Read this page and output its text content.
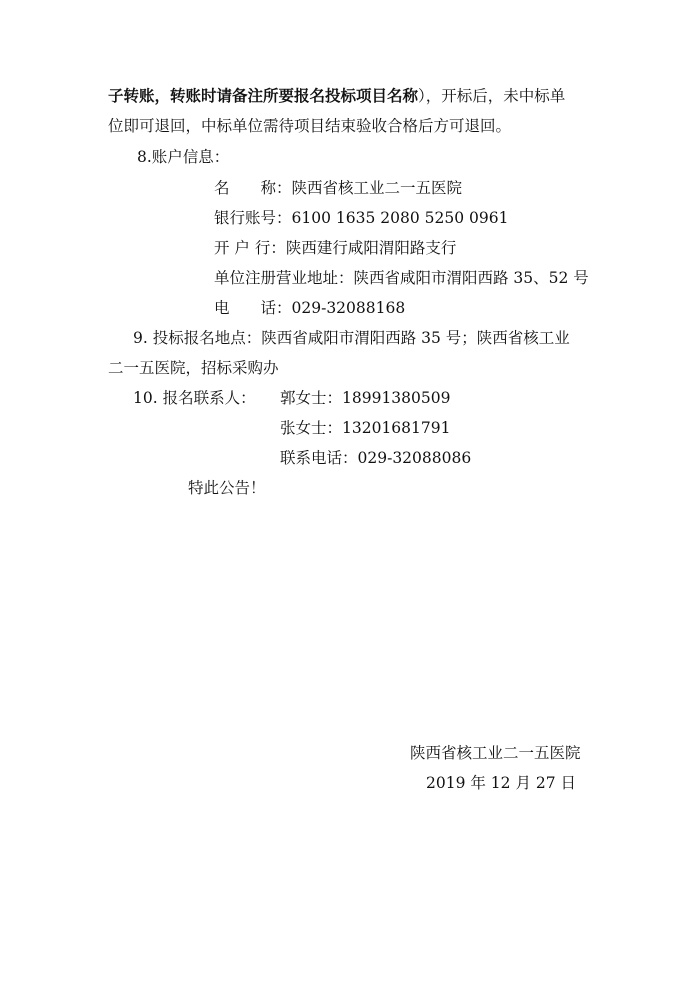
子转账，转账时请备注所要报名投标项目名称），开标后，未中标单
位即可退回，中标单位需待项目结束验收合格后方可退回。
8.账户信息：
名　　称：陕西省核工业二一五医院
银行账号：6100 1635 2080 5250 0961
开 户 行：陕西建行咸阳渭阳路支行
单位注册营业地址：陕西省咸阳市渭阳西路 35、52 号
电　　话：029-32088168
9. 投标报名地点：陕西省咸阳市渭阳西路 35 号；陕西省核工业
二一五医院，招标采购办
10. 报名联系人： 郭女士：18991380509
张女士：13201681791
联系电话：029-32088086
特此公告！
陕西省核工业二一五医院
2019 年 12 月 27 日
